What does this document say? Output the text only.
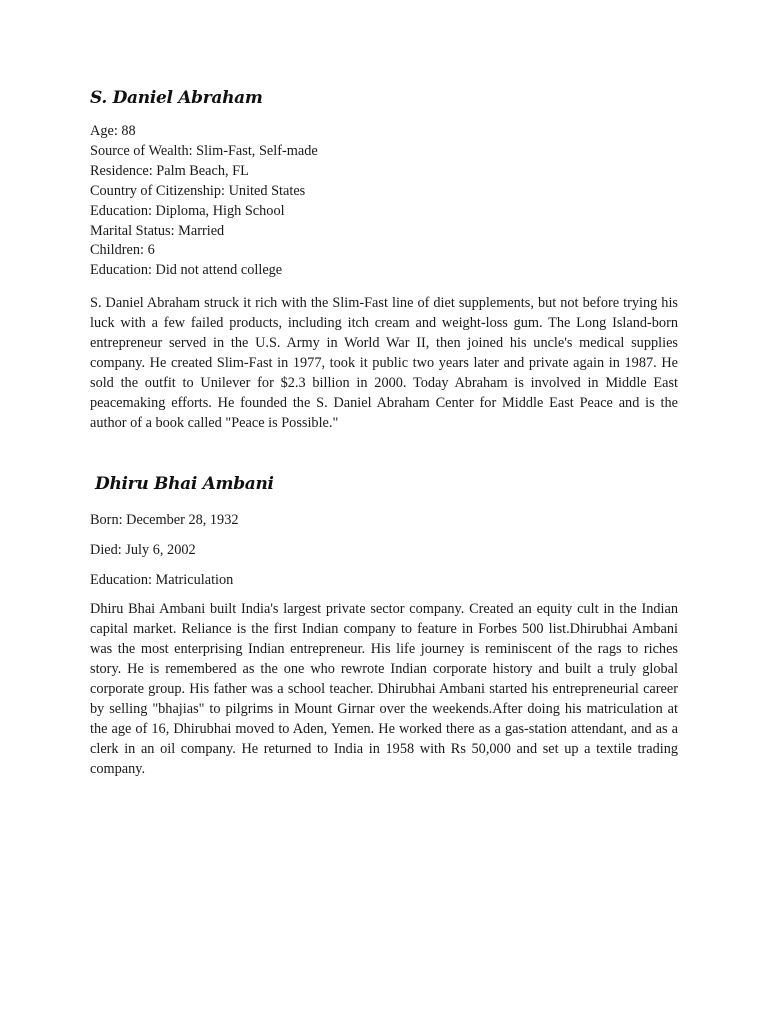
S. Daniel Abraham
Age: 88
Source of Wealth: Slim-Fast, Self-made
Residence: Palm Beach, FL
Country of Citizenship: United States
Education: Diploma, High School
Marital Status: Married
Children: 6
Education: Did not attend college

S. Daniel Abraham struck it rich with the Slim-Fast line of diet supplements, but not before trying his luck with a few failed products, including itch cream and weight-loss gum. The Long Island-born entrepreneur served in the U.S. Army in World War II, then joined his uncle's medical supplies company. He created Slim-Fast in 1977, took it public two years later and private again in 1987. He sold the outfit to Unilever for $2.3 billion in 2000. Today Abraham is involved in Middle East peacemaking efforts. He founded the S. Daniel Abraham Center for Middle East Peace and is the author of a book called "Peace is Possible."

Dhiru Bhai Ambani

Born: December 28, 1932

Died: July 6, 2002

Education: Matriculation

Dhiru Bhai Ambani built India's largest private sector company. Created an equity cult in the Indian capital market. Reliance is the first Indian company to feature in Forbes 500 list.Dhirubhai Ambani was the most enterprising Indian entrepreneur. His life journey is reminiscent of the rags to riches story. He is remembered as the one who rewrote Indian corporate history and built a truly global corporate group. His father was a school teacher. Dhirubhai Ambani started his entrepreneurial career by selling "bhajias" to pilgrims in Mount Girnar over the weekends.After doing his matriculation at the age of 16, Dhirubhai moved to Aden, Yemen. He worked there as a gas-station attendant, and as a clerk in an oil company. He returned to India in 1958 with Rs 50,000 and set up a textile trading company.
